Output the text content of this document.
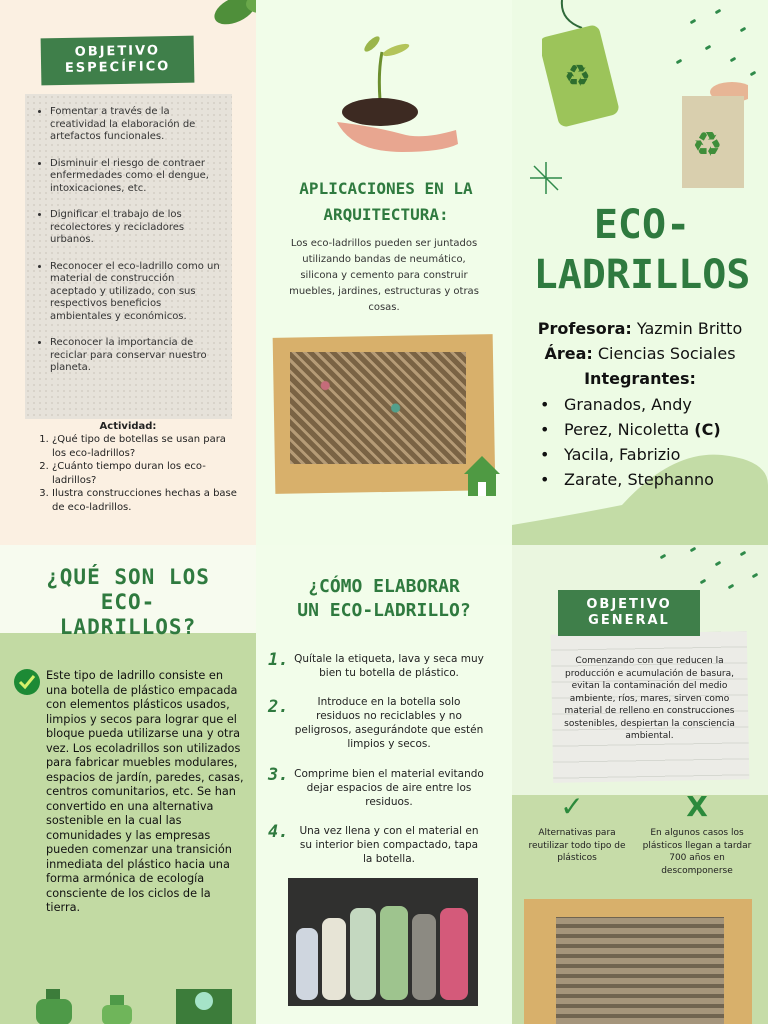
OBJETIVO
ESPECÍFICO
• Fomentar a través de la creatividad la elaboración de artefactos funcionales.
• Disminuir el riesgo de contraer enfermedades como el dengue, intoxicaciones, etc.
• Dignificar el trabajo de los recolectores y recicladores urbanos.
• Reconocer el eco-ladrillo como un material de construcción aceptado y utilizado, con sus respectivos beneficios ambientales y económicos.
• Reconocer la importancia de reciclar para conservar nuestro planeta.
Actividad:
1. ¿Qué tipo de botellas se usan para los eco-ladrillos?
2. ¿Cuánto tiempo duran los eco-ladrillos?
3. Ilustra construcciones hechas a base de eco-ladrillos.
APLICACIONES EN LA ARQUITECTURA:
Los eco-ladrillos pueden ser juntados utilizando bandas de neumático, silicona y cemento para construir muebles, jardines, estructuras y otras cosas.
♻
♻
ECO-
LADRILLOS
Profesora: Yazmin Britto
Área: Ciencias Sociales
Integrantes:
• Granados, Andy
• Perez, Nicoletta (C)
• Yacila, Fabrizio
• Zarate, Stephanno
¿QUÉ SON LOS
ECO-
LADRILLOS?
Este tipo de ladrillo consiste en una botella de plástico empacada con elementos plásticos usados, limpios y secos para lograr que el bloque pueda utilizarse una y otra vez. Los ecoladrillos son utilizados para fabricar muebles modulares, espacios de jardín, paredes, casas, centros comunitarios, etc. Se han convertido en una alternativa sostenible en la cual las comunidades y las empresas pueden comenzar una transición inmediata del plástico hacia una forma armónica de ecología consciente de los ciclos de la tierra.
¿CÓMO ELABORAR
UN ECO-LADRILLO?
1. Quítale la etiqueta, lava y seca muy bien tu botella de plástico.
2.	Introduce en la botella solo residuos no reciclables y no peligrosos, asegurándote que estén limpios y secos.
3. Comprime bien el material evitando dejar espacios de aire entre los residuos.
4.	Una vez llena y con el material en su interior bien compactado, tapa la botella.
OBJETIVO
GENERAL
Comenzando con que reducen la producción e acumulación de basura, evitan la contaminación del medio ambiente, ríos, mares, sirven como material de relleno en construcciones sostenibles, despiertan la consciencia ambiental.
✓	X
Alternativas para reutilizar todo tipo de plásticos
En algunos casos los plásticos llegan a tardar 700 años en descomponerse
